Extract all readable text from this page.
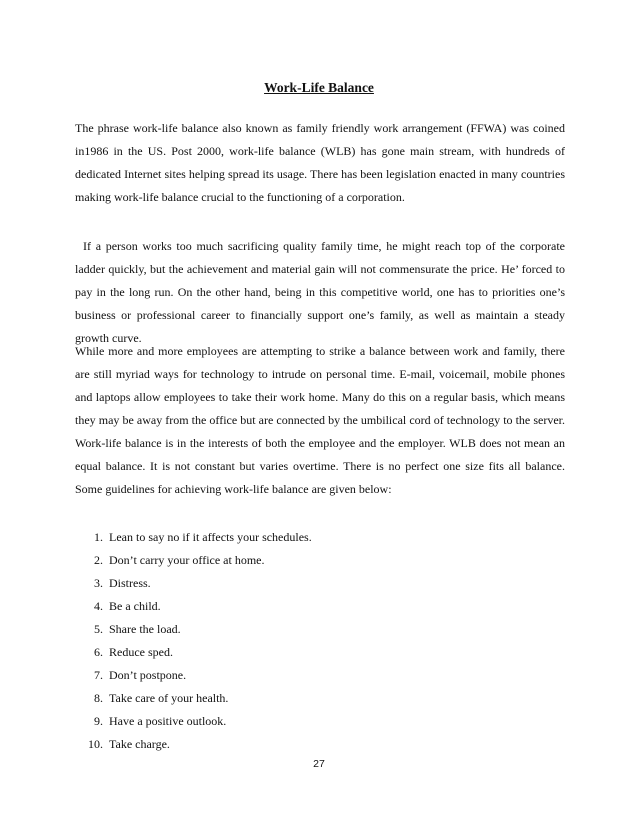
Work-Life Balance

The phrase work-life balance also known as family friendly work arrangement (FFWA) was coined in1986 in the US. Post 2000, work-life balance (WLB) has gone main stream, with hundreds of dedicated Internet sites helping spread its usage. There has been legislation enacted in many countries making work-life balance crucial to the functioning of a corporation.

If a person works too much sacrificing quality family time, he might reach top of the corporate ladder quickly, but the achievement and material gain will not commensurate the price. He’ forced to pay in the long run. On the other hand, being in this competitive world, one has to priorities one’s business or professional career to financially support one’s family, as well as maintain a steady growth curve.

While more and more employees are attempting to strike a balance between work and family, there are still myriad ways for technology to intrude on personal time. E-mail, voicemail, mobile phones and laptops allow employees to take their work home. Many do this on a regular basis, which means they may be away from the office but are connected by the umbilical cord of technology to the server. Work-life balance is in the interests of both the employee and the employer. WLB does not mean an equal balance. It is not constant but varies overtime. There is no perfect one size fits all balance. Some guidelines for achieving work-life balance are given below:

1. Lean to say no if it affects your schedules.
2. Don’t carry your office at home.
3. Distress.
4. Be a child.
5. Share the load.
6. Reduce sped.
7. Don’t postpone.
8. Take care of your health.
9. Have a positive outlook.
10. Take charge.
27
